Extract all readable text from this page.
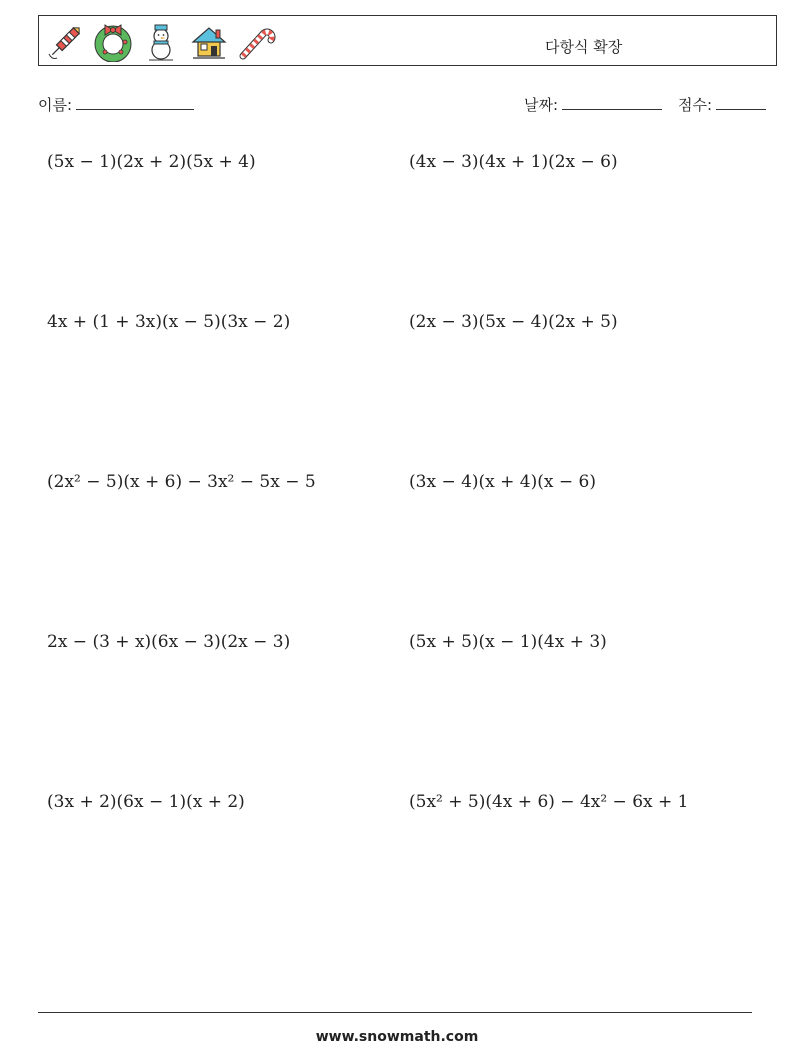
다항식 확장
이름:	날짜:	점수:
(5x − 1)(2x + 2)(5x + 4)	(4x − 3)(4x + 1)(2x − 6)
4x + (1 + 3x)(x − 5)(3x − 2)	(2x − 3)(5x − 4)(2x + 5)
(2x² − 5)(x + 6) − 3x² − 5x − 5	(3x − 4)(x + 4)(x − 6)
2x − (3 + x)(6x − 3)(2x − 3)	(5x + 5)(x − 1)(4x + 3)
(3x + 2)(6x − 1)(x + 2)	(5x² + 5)(4x + 6) − 4x² − 6x + 1
www.snowmath.com
